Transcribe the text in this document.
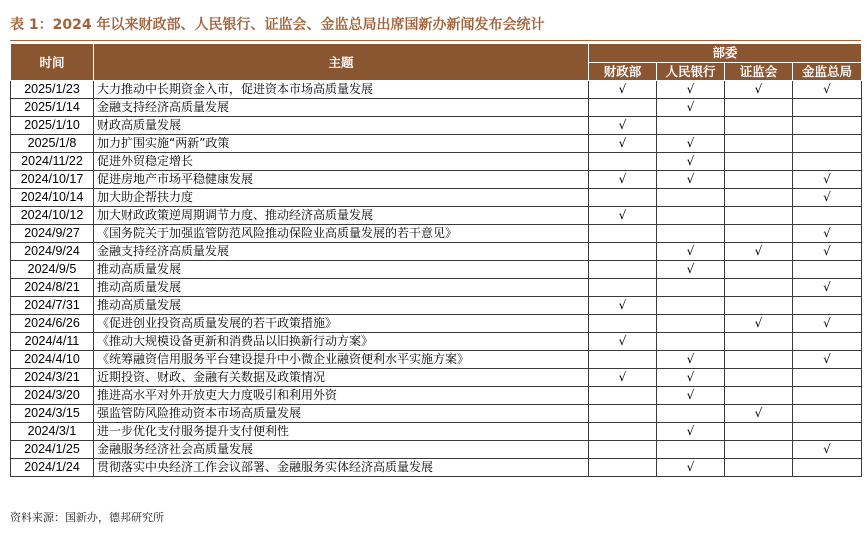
表 1：2024 年以来财政部、人民银行、证监会、金监总局出席国新办新闻发布会统计
时间	主题	部委			
		财政部	人民银行	证监会	金监总局
2025/1/23	大力推动中长期资金入市，促进资本市场高质量发展	√	√	√	√
2025/1/14	金融支持经济高质量发展		√		
2025/1/10	财政高质量发展	√			
2025/1/8	加力扩围实施“两新”政策	√	√		
2024/11/22	促进外贸稳定增长		√		
2024/10/17	促进房地产市场平稳健康发展	√	√		√
2024/10/14	加大助企帮扶力度				√
2024/10/12	加大财政政策逆周期调节力度、推动经济高质量发展	√			
2024/9/27	《国务院关于加强监管防范风险推动保险业高质量发展的若干意见》				√
2024/9/24	金融支持经济高质量发展		√	√	√
2024/9/5	推动高质量发展		√		
2024/8/21	推动高质量发展				√
2024/7/31	推动高质量发展	√			
2024/6/26	《促进创业投资高质量发展的若干政策措施》			√	√
2024/4/11	《推动大规模设备更新和消费品以旧换新行动方案》	√			
2024/4/10	《统筹融资信用服务平台建设提升中小微企业融资便利水平实施方案》		√		√
2024/3/21	近期投资、财政、金融有关数据及政策情况	√	√		
2024/3/20	推进高水平对外开放吏大力度吸引和利用外资		√		
2024/3/15	强监管防风险推动资本市场高质量发展			√	
2024/3/1	进一步优化支付服务提升支付便利性		√		
2024/1/25	金融服务经济社会高质量发展				√
2024/1/24	贯彻落实中央经济工作会议部署、金融服务实体经济高质量发展		√		
资料来源：国新办，德邦研究所
